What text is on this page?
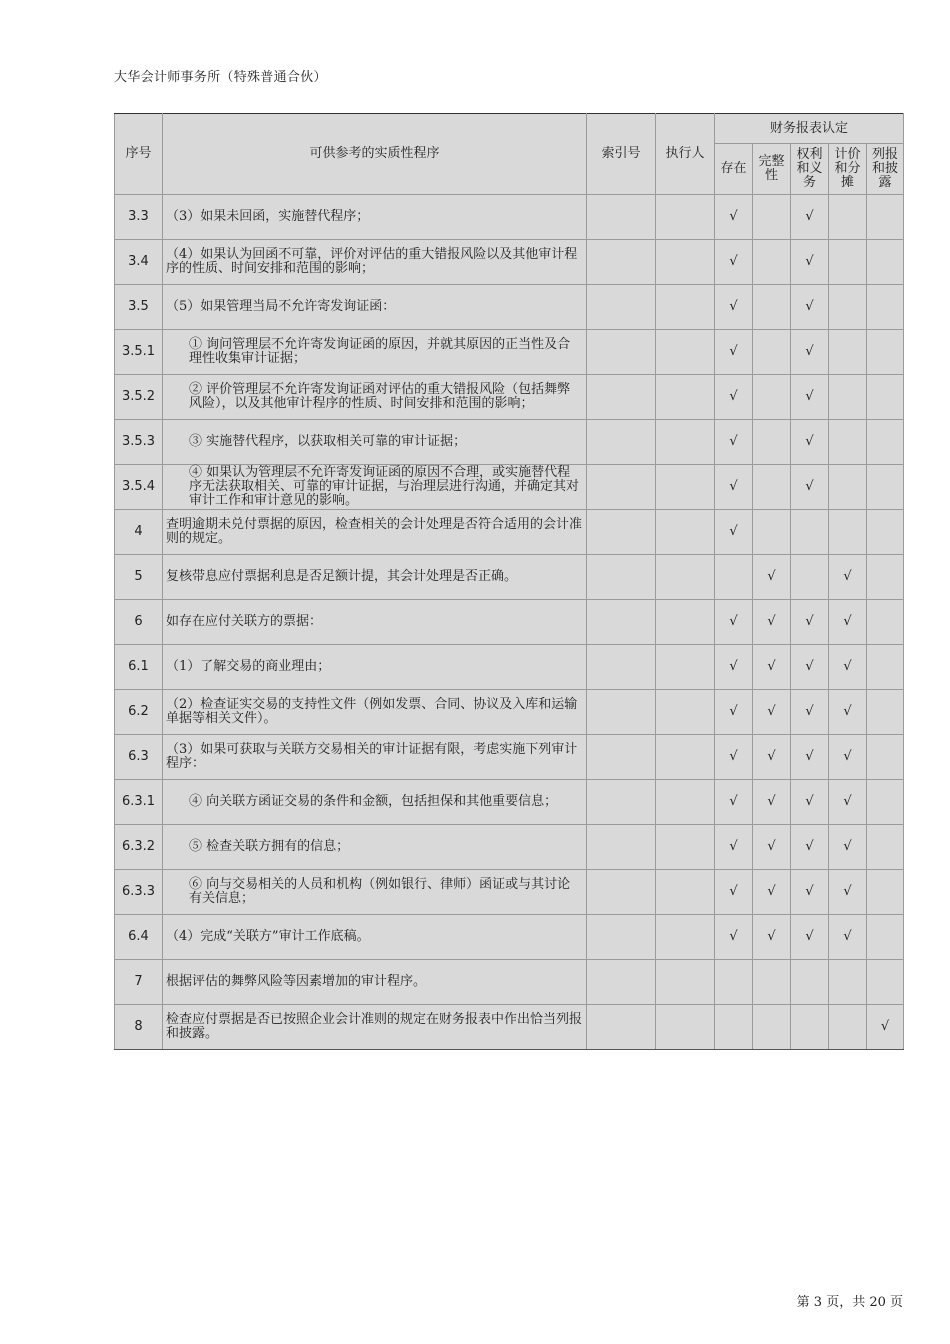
大华会计师事务所（特殊普通合伙）
序号	可供参考的实质性程序	索引号	执行人	财务报表认定				
				存在	完整性	权利和义务	计价和分摊	列报和披露
3.3	（3）如果未回函，实施替代程序；			√		√		
3.4	（4）如果认为回函不可靠，评价对评估的重大错报风险以及其他审计程序的性质、时间安排和范围的影响；			√		√		
3.5	（5）如果管理当局不允许寄发询证函：			√		√		
3.5.1	① 询问管理层不允许寄发询证函的原因，并就其原因的正当性及合理性收集审计证据；			√		√		
3.5.2	② 评价管理层不允许寄发询证函对评估的重大错报风险（包括舞弊风险），以及其他审计程序的性质、时间安排和范围的影响；			√		√		
3.5.3	③ 实施替代程序，以获取相关可靠的审计证据；			√		√		
3.5.4	④ 如果认为管理层不允许寄发询证函的原因不合理，或实施替代程序无法获取相关、可靠的审计证据，与治理层进行沟通，并确定其对审计工作和审计意见的影响。			√		√		
4	查明逾期未兑付票据的原因，检查相关的会计处理是否符合适用的会计准则的规定。			√				
5	复核带息应付票据利息是否足额计提，其会计处理是否正确。				√		√	
6	如存在应付关联方的票据：			√	√	√	√	
6.1	（1）了解交易的商业理由；			√	√	√	√	
6.2	（2）检查证实交易的支持性文件（例如发票、合同、协议及入库和运输单据等相关文件）。			√	√	√	√	
6.3	（3）如果可获取与关联方交易相关的审计证据有限，考虑实施下列审计程序：			√	√	√	√	
6.3.1	④ 向关联方函证交易的条件和金额，包括担保和其他重要信息；			√	√	√	√	
6.3.2	⑤ 检查关联方拥有的信息；			√	√	√	√	
6.3.3	⑥ 向与交易相关的人员和机构（例如银行、律师）函证或与其讨论有关信息；			√	√	√	√	
6.4	（4）完成“关联方”审计工作底稿。			√	√	√	√	
7	根据评估的舞弊风险等因素增加的审计程序。							
8	检查应付票据是否已按照企业会计准则的规定在财务报表中作出恰当列报和披露。							√
第 3 页，共 20 页
